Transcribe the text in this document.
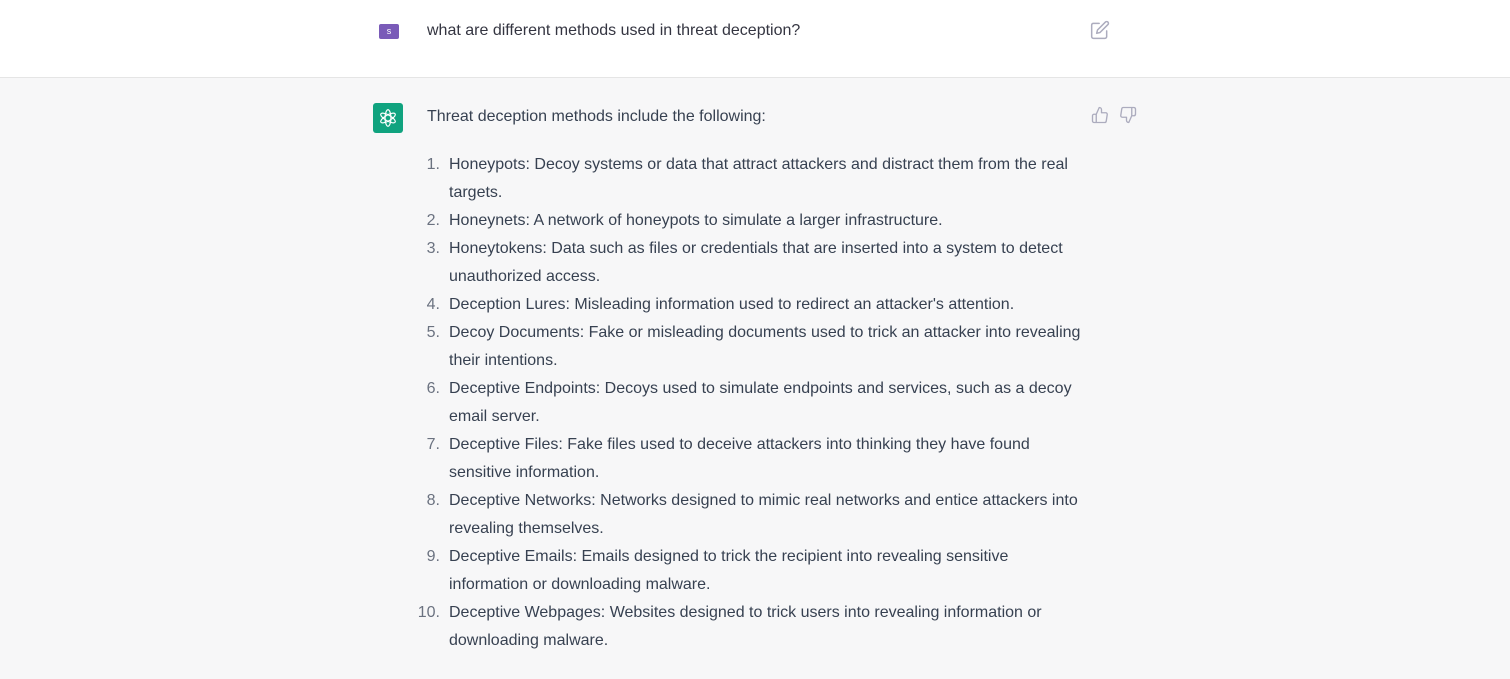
s	what are different methods used in threat deception?
Threat deception methods include the following:
1. Honeypots: Decoy systems or data that attract attackers and distract them from the real targets.
2. Honeynets: A network of honeypots to simulate a larger infrastructure.
3. Honeytokens: Data such as files or credentials that are inserted into a system to detect unauthorized access.
4. Deception Lures: Misleading information used to redirect an attacker's attention.
5. Decoy Documents: Fake or misleading documents used to trick an attacker into revealing their intentions.
6. Deceptive Endpoints: Decoys used to simulate endpoints and services, such as a decoy email server.
7. Deceptive Files: Fake files used to deceive attackers into thinking they have found sensitive information.
8. Deceptive Networks: Networks designed to mimic real networks and entice attackers into revealing themselves.
9. Deceptive Emails: Emails designed to trick the recipient into revealing sensitive information or downloading malware.
10. Deceptive Webpages: Websites designed to trick users into revealing information or downloading malware.
